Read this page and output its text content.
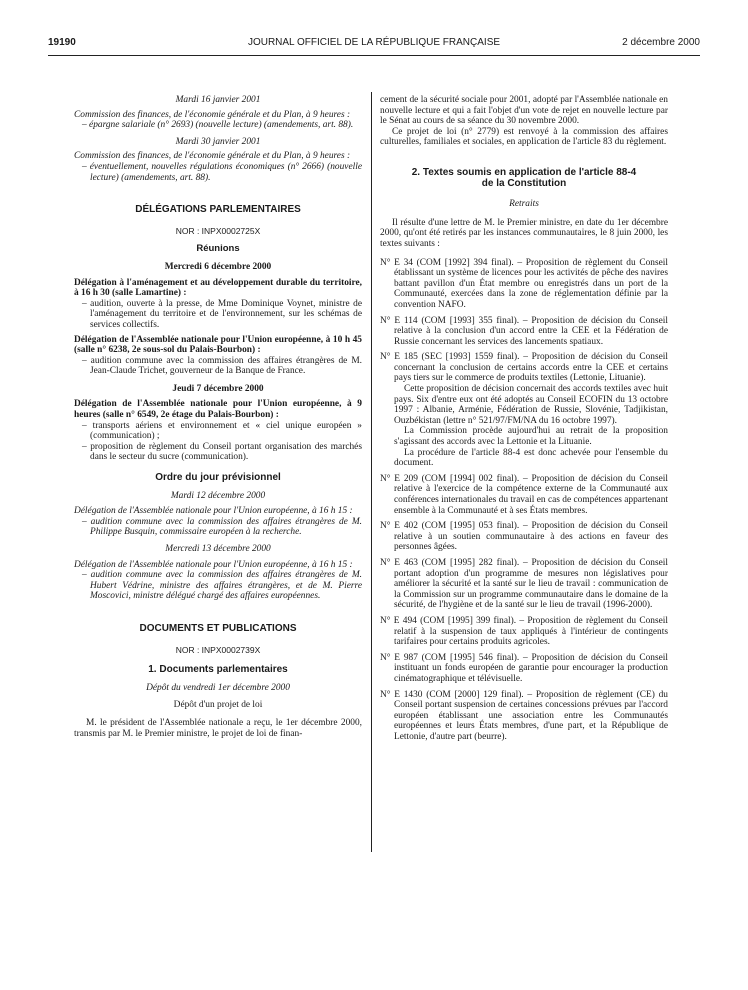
19190	JOURNAL OFFICIEL DE LA RÉPUBLIQUE FRANÇAISE	2 décembre 2000

Mardi 16 janvier 2001

Commission des finances, de l'économie générale et du Plan, à 9 heures :

– épargne salariale (n° 2693) (nouvelle lecture) (amendements, art. 88).

Mardi 30 janvier 2001

Commission des finances, de l'économie générale et du Plan, à 9 heures :

– éventuellement, nouvelles régulations économiques (n° 2666) (nouvelle lecture) (amendements, art. 88).

DÉLÉGATIONS PARLEMENTAIRES

NOR : INPX0002725X

Réunions

Mercredi 6 décembre 2000

Délégation à l'aménagement et au développement durable du territoire, à 16 h 30 (salle Lamartine) :

– audition, ouverte à la presse, de Mme Dominique Voynet, ministre de l'aménagement du territoire et de l'environnement, sur les schémas de services collectifs.

Délégation de l'Assemblée nationale pour l'Union européenne, à 10 h 45 (salle n° 6238, 2e sous-sol du Palais-Bourbon) :

– audition commune avec la commission des affaires étrangères de M. Jean-Claude Trichet, gouverneur de la Banque de France.

Jeudi 7 décembre 2000

Délégation de l'Assemblée nationale pour l'Union européenne, à 9 heures (salle n° 6549, 2e étage du Palais-Bourbon) :

– transports aériens et environnement et « ciel unique européen » (communication) ;

– proposition de règlement du Conseil portant organisation des marchés dans le secteur du sucre (communication).

Ordre du jour prévisionnel

Mardi 12 décembre 2000

Délégation de l'Assemblée nationale pour l'Union européenne, à 16 h 15 :

– audition commune avec la commission des affaires étrangères de M. Philippe Busquin, commissaire européen à la recherche.

Mercredi 13 décembre 2000

Délégation de l'Assemblée nationale pour l'Union européenne, à 16 h 15 :

– audition commune avec la commission des affaires étrangères de M. Hubert Védrine, ministre des affaires étrangères, et de M. Pierre Moscovici, ministre délégué chargé des affaires européennes.

DOCUMENTS ET PUBLICATIONS

NOR : INPX0002739X

1. Documents parlementaires

Dépôt du vendredi 1er décembre 2000

Dépôt d'un projet de loi

M. le président de l'Assemblée nationale a reçu, le 1er décembre 2000, transmis par M. le Premier ministre, le projet de loi de finan-

cement de la sécurité sociale pour 2001, adopté par l'Assemblée nationale en nouvelle lecture et qui a fait l'objet d'un vote de rejet en nouvelle lecture par le Sénat au cours de sa séance du 30 novembre 2000.

Ce projet de loi (n° 2779) est renvoyé à la commission des affaires culturelles, familiales et sociales, en application de l'article 83 du règlement.

2. Textes soumis en application de l'article 88-4

de la Constitution

Retraits

Il résulte d'une lettre de M. le Premier ministre, en date du 1er décembre 2000, qu'ont été retirés par les instances communautaires, le 8 juin 2000, les textes suivants :

N° E 34 (COM [1992] 394 final). – Proposition de règlement du Conseil établissant un système de licences pour les activités de pêche des navires battant pavillon d'un État membre ou enregistrés dans un port de la Communauté, exercées dans la zone de réglementation définie par la convention NAFO.

N° E 114 (COM [1993] 355 final). – Proposition de décision du Conseil relative à la conclusion d'un accord entre la CEE et la Fédération de Russie concernant les services des lancements spatiaux.

N° E 185 (SEC [1993] 1559 final). – Proposition de décision du Conseil concernant la conclusion de certains accords entre la CEE et certains pays tiers sur le commerce de produits textiles (Lettonie, Lituanie).

Cette proposition de décision concernait des accords textiles avec huit pays. Six d'entre eux ont été adoptés au Conseil ECOFIN du 13 octobre 1997 : Albanie, Arménie, Fédération de Russie, Slovénie, Tadjikistan, Ouzbékistan (lettre n° 521/97/FM/NA du 16 octobre 1997).

La Commission procède aujourd'hui au retrait de la proposition s'agissant des accords avec la Lettonie et la Lituanie.

La procédure de l'article 88-4 est donc achevée pour l'ensemble du document.

N° E 209 (COM [1994] 002 final). – Proposition de décision du Conseil relative à l'exercice de la compétence externe de la Communauté aux conférences internationales du travail en cas de compétences appartenant ensemble à la Communauté et à ses États membres.

N° E 402 (COM [1995] 053 final). – Proposition de décision du Conseil relative à un soutien communautaire à des actions en faveur des personnes âgées.

N° E 463 (COM [1995] 282 final). – Proposition de décision du Conseil portant adoption d'un programme de mesures non législatives pour améliorer la sécurité et la santé sur le lieu de travail : communication de la Commission sur un programme communautaire dans le domaine de la sécurité, de l'hygiène et de la santé sur le lieu de travail (1996-2000).

N° E 494 (COM [1995] 399 final). – Proposition de règlement du Conseil relatif à la suspension de taux appliqués à l'intérieur de contingents tarifaires pour certains produits agricoles.

N° E 987 (COM [1995] 546 final). – Proposition de décision du Conseil instituant un fonds européen de garantie pour encourager la production cinématographique et télévisuelle.

N° E 1430 (COM [2000] 129 final). – Proposition de règlement (CE) du Conseil portant suspension de certaines concessions prévues par l'accord européen établissant une association entre les Communautés européennes et leurs États membres, d'une part, et la République de Lettonie, d'autre part (beurre).
